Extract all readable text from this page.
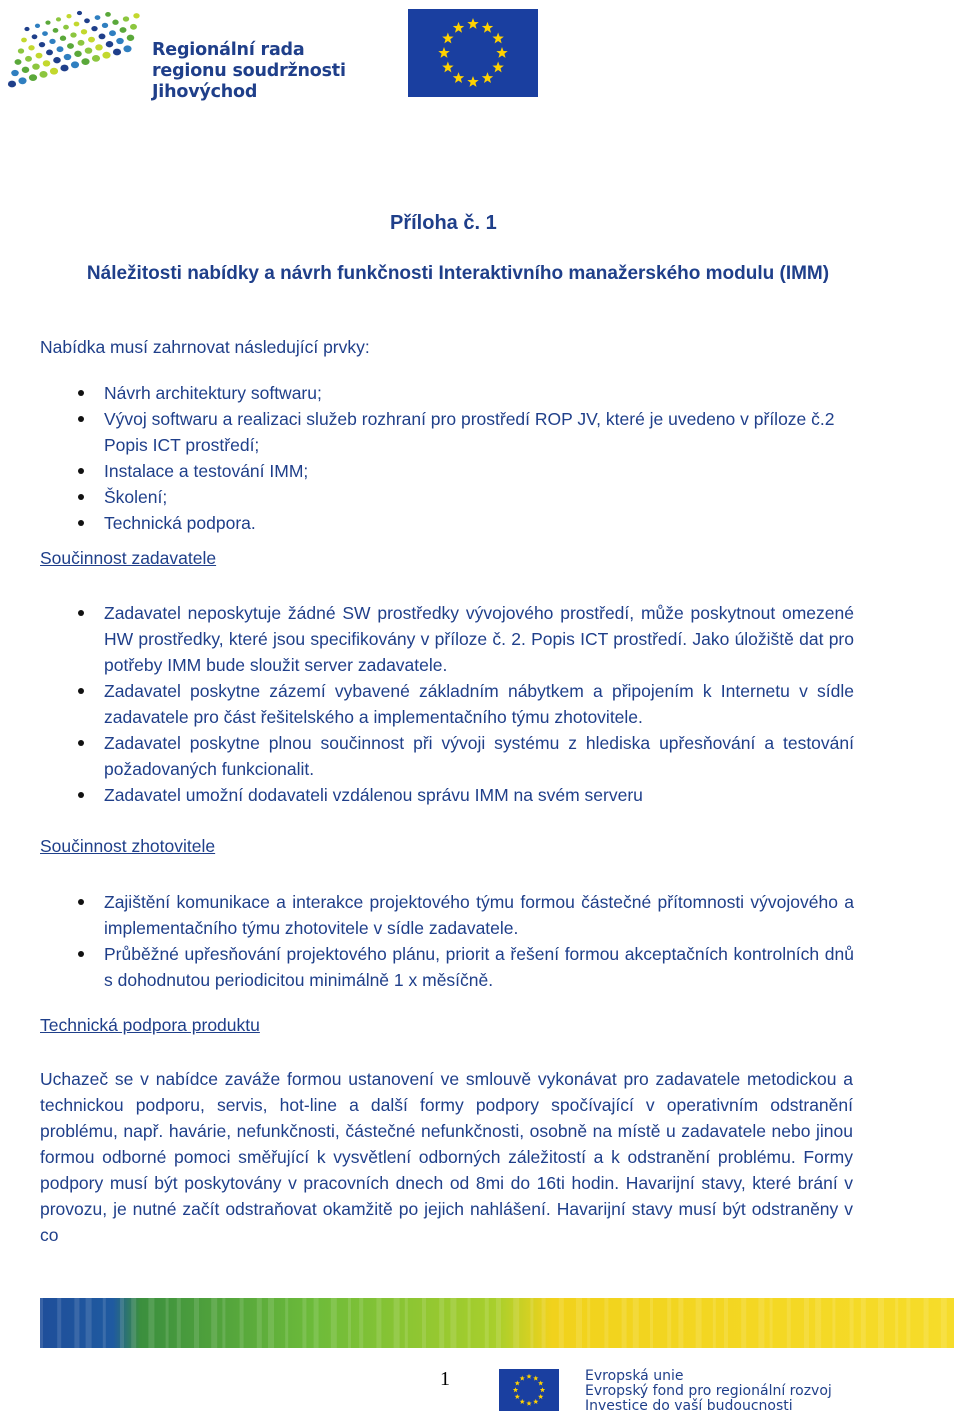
Regionální rada
regionu soudržnosti
Jihovýchod
Příloha č. 1
Náležitosti nabídky a návrh funkčnosti Interaktivního manažerského modulu (IMM)
Nabídka musí zahrnovat následující prvky:
Návrh architektury softwaru;
Vývoj softwaru a realizaci služeb rozhraní pro prostředí ROP JV, které je uvedeno v příloze č.2 Popis ICT prostředí;
Instalace a testování IMM;
Školení;
Technická podpora.
Součinnost zadavatele
Zadavatel neposkytuje žádné SW prostředky vývojového prostředí, může poskytnout omezené HW prostředky, které jsou specifikovány v příloze č. 2. Popis ICT prostředí. Jako úložiště dat pro potřeby IMM bude sloužit server zadavatele.
Zadavatel poskytne zázemí vybavené základním nábytkem a připojením k Internetu v sídle zadavatele pro část řešitelského a implementačního týmu zhotovitele.
Zadavatel poskytne plnou součinnost při vývoji systému z hlediska upřesňování a testování požadovaných funkcionalit.
Zadavatel umožní dodavateli vzdálenou správu IMM na svém serveru
Součinnost zhotovitele
Zajištění komunikace a interakce projektového týmu formou částečné přítomnosti vývojového a implementačního týmu zhotovitele v sídle zadavatele.
Průběžné upřesňování projektového plánu, priorit a řešení formou akceptačních kontrolních dnů s dohodnutou periodicitou minimálně 1 x měsíčně.
Technická podpora produktu
Uchazeč se v nabídce zaváže formou ustanovení ve smlouvě vykonávat pro zadavatele metodickou a technickou podporu, servis, hot-line a další formy podpory spočívající v operativním odstranění problému, např. havárie, nefunkčnosti, částečné nefunkčnosti, osobně na místě u zadavatele nebo jinou formou odborné pomoci směřující k vysvětlení odborných záležitostí a k odstranění problému. Formy podpory musí být poskytovány v pracovních dnech od 8mi do 16ti hodin. Havarijní stavy, které brání v provozu, je nutné začít odstraňovat okamžitě po jejich nahlášení. Havarijní stavy musí být odstraněny v co
1	Evropská unie
Evropský fond pro regionální rozvoj
Investice do vaší budoucnosti
